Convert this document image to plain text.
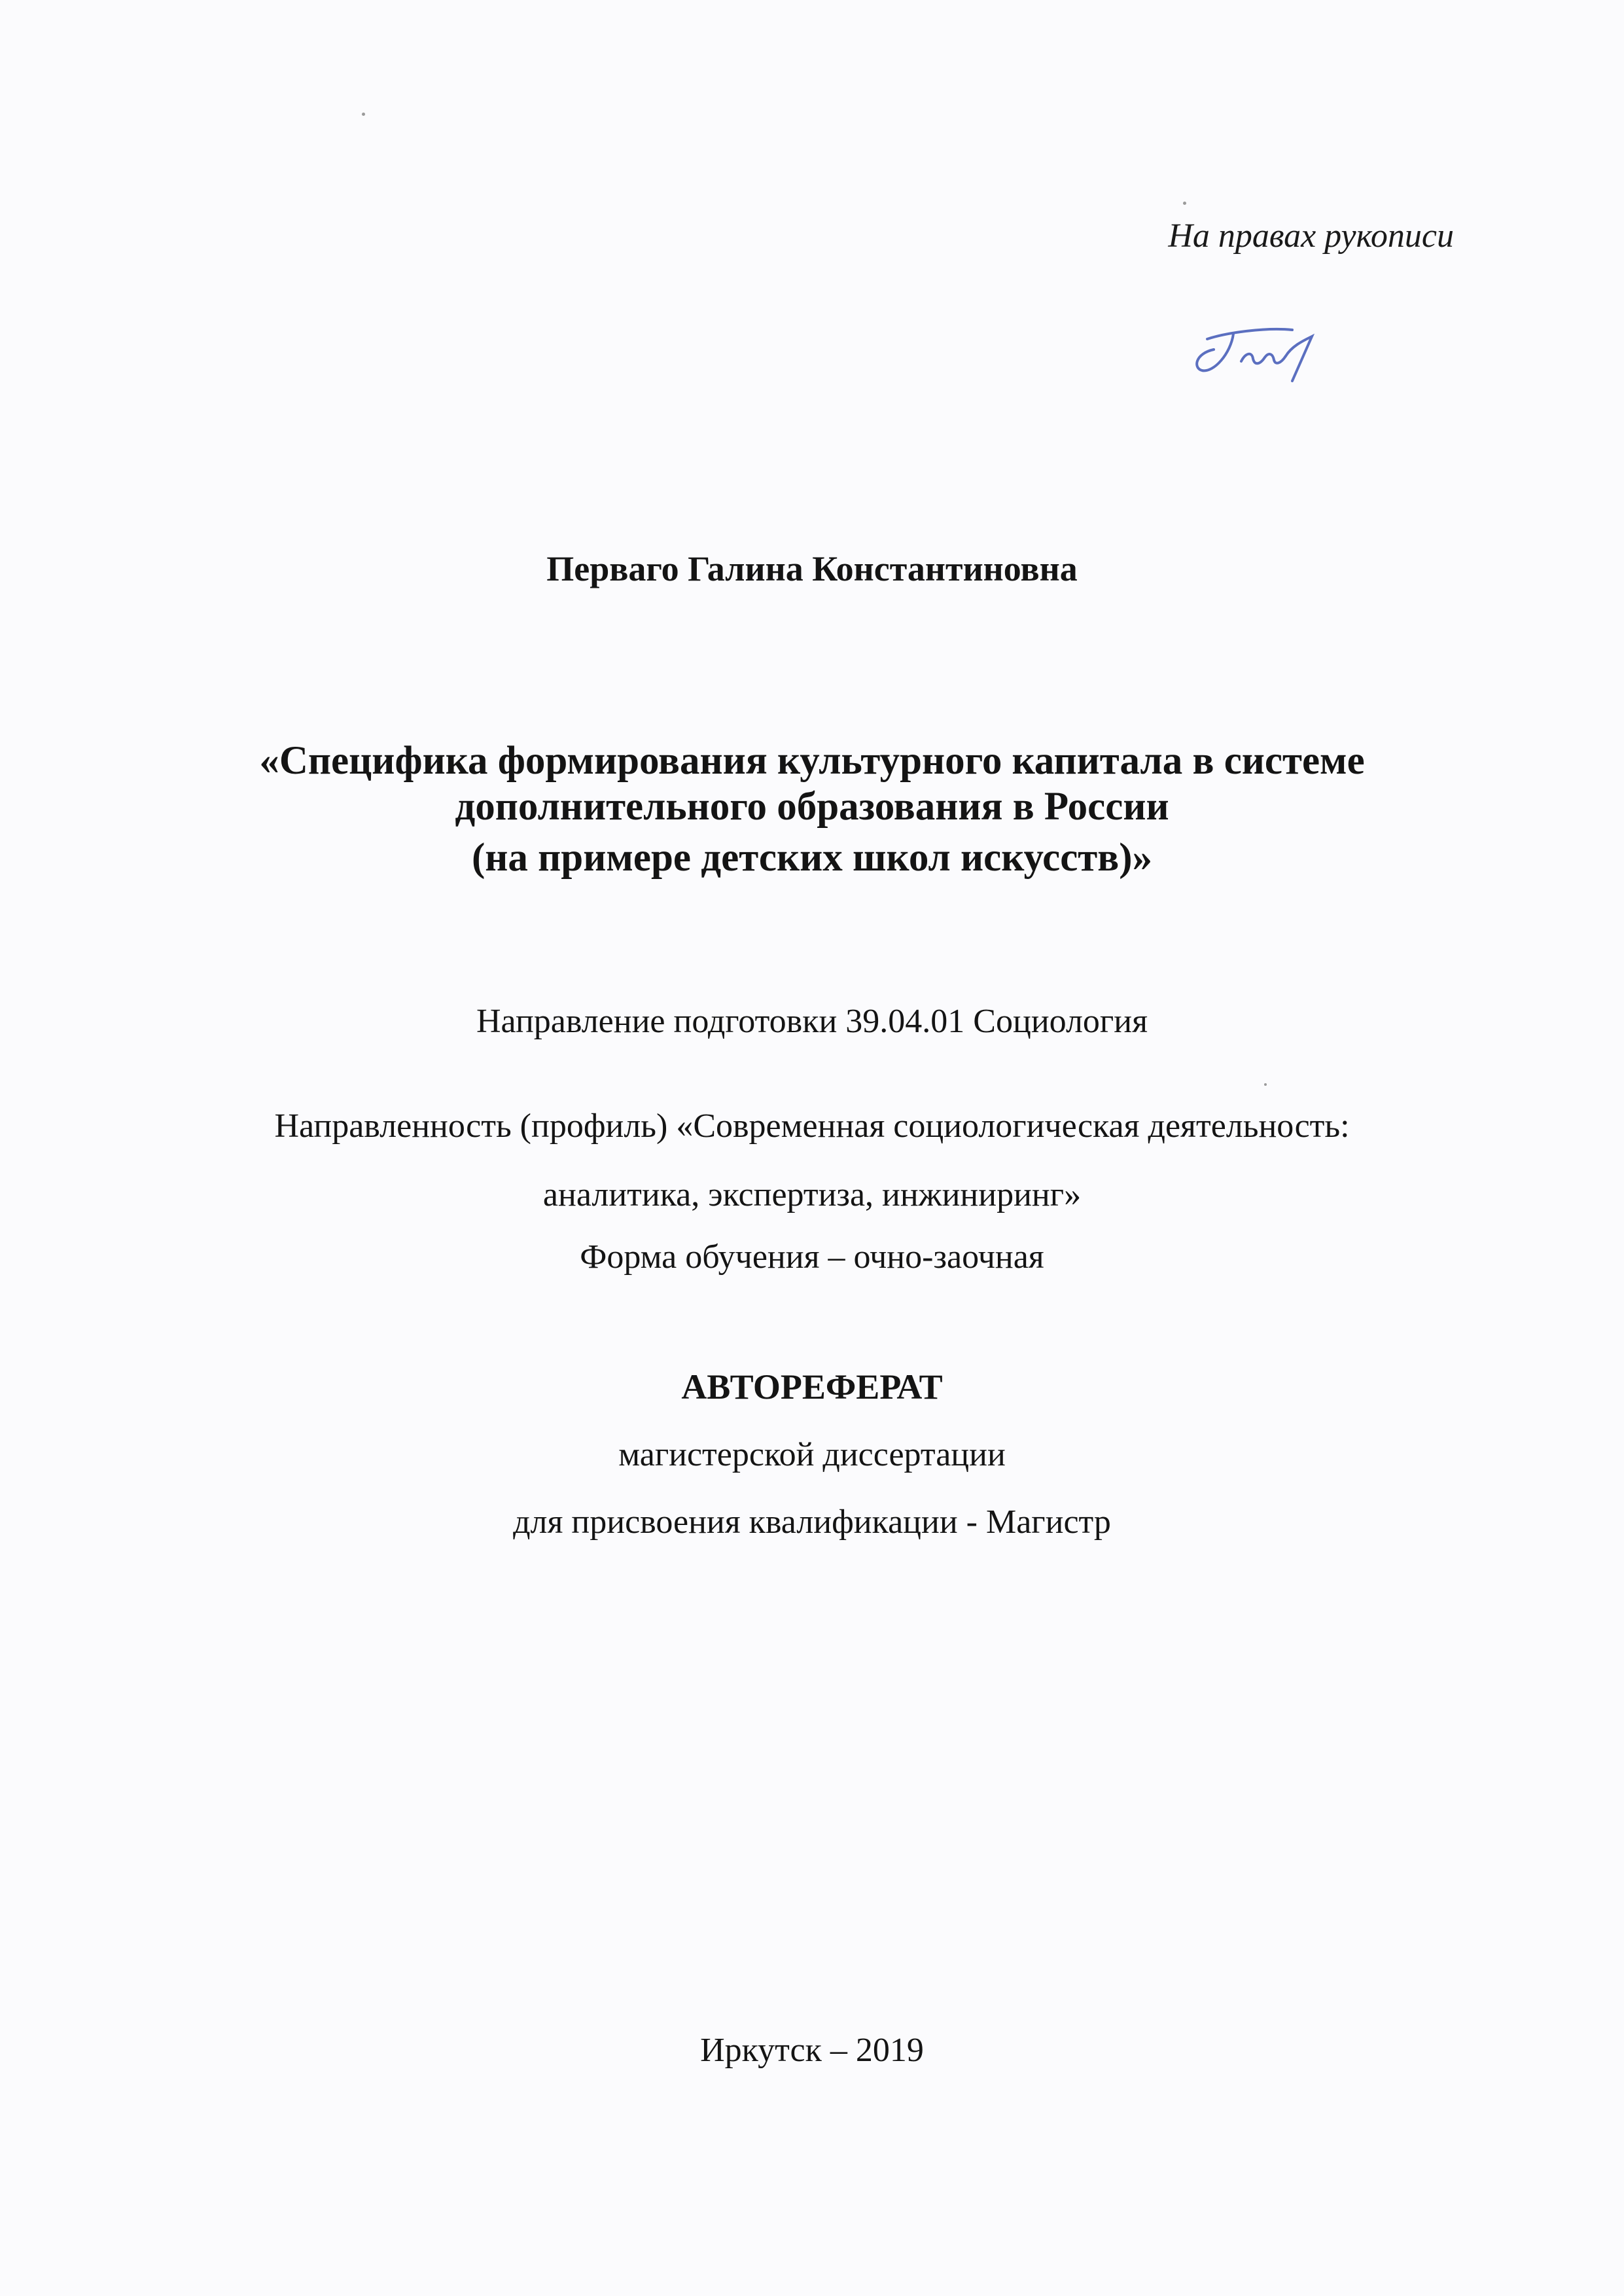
На правах рукописи
Перваго Галина Константиновна
«Специфика формирования культурного капитала в системе
дополнительного образования в России
(на примере детских школ искусств)»
Направление подготовки 39.04.01 Социология
Направленность (профиль) «Современная социологическая деятельность:
аналитика, экспертиза, инжиниринг»
Форма обучения – очно-заочная
АВТОРЕФЕРАТ
магистерской диссертации
для присвоения квалификации - Магистр
Иркутск – 2019
